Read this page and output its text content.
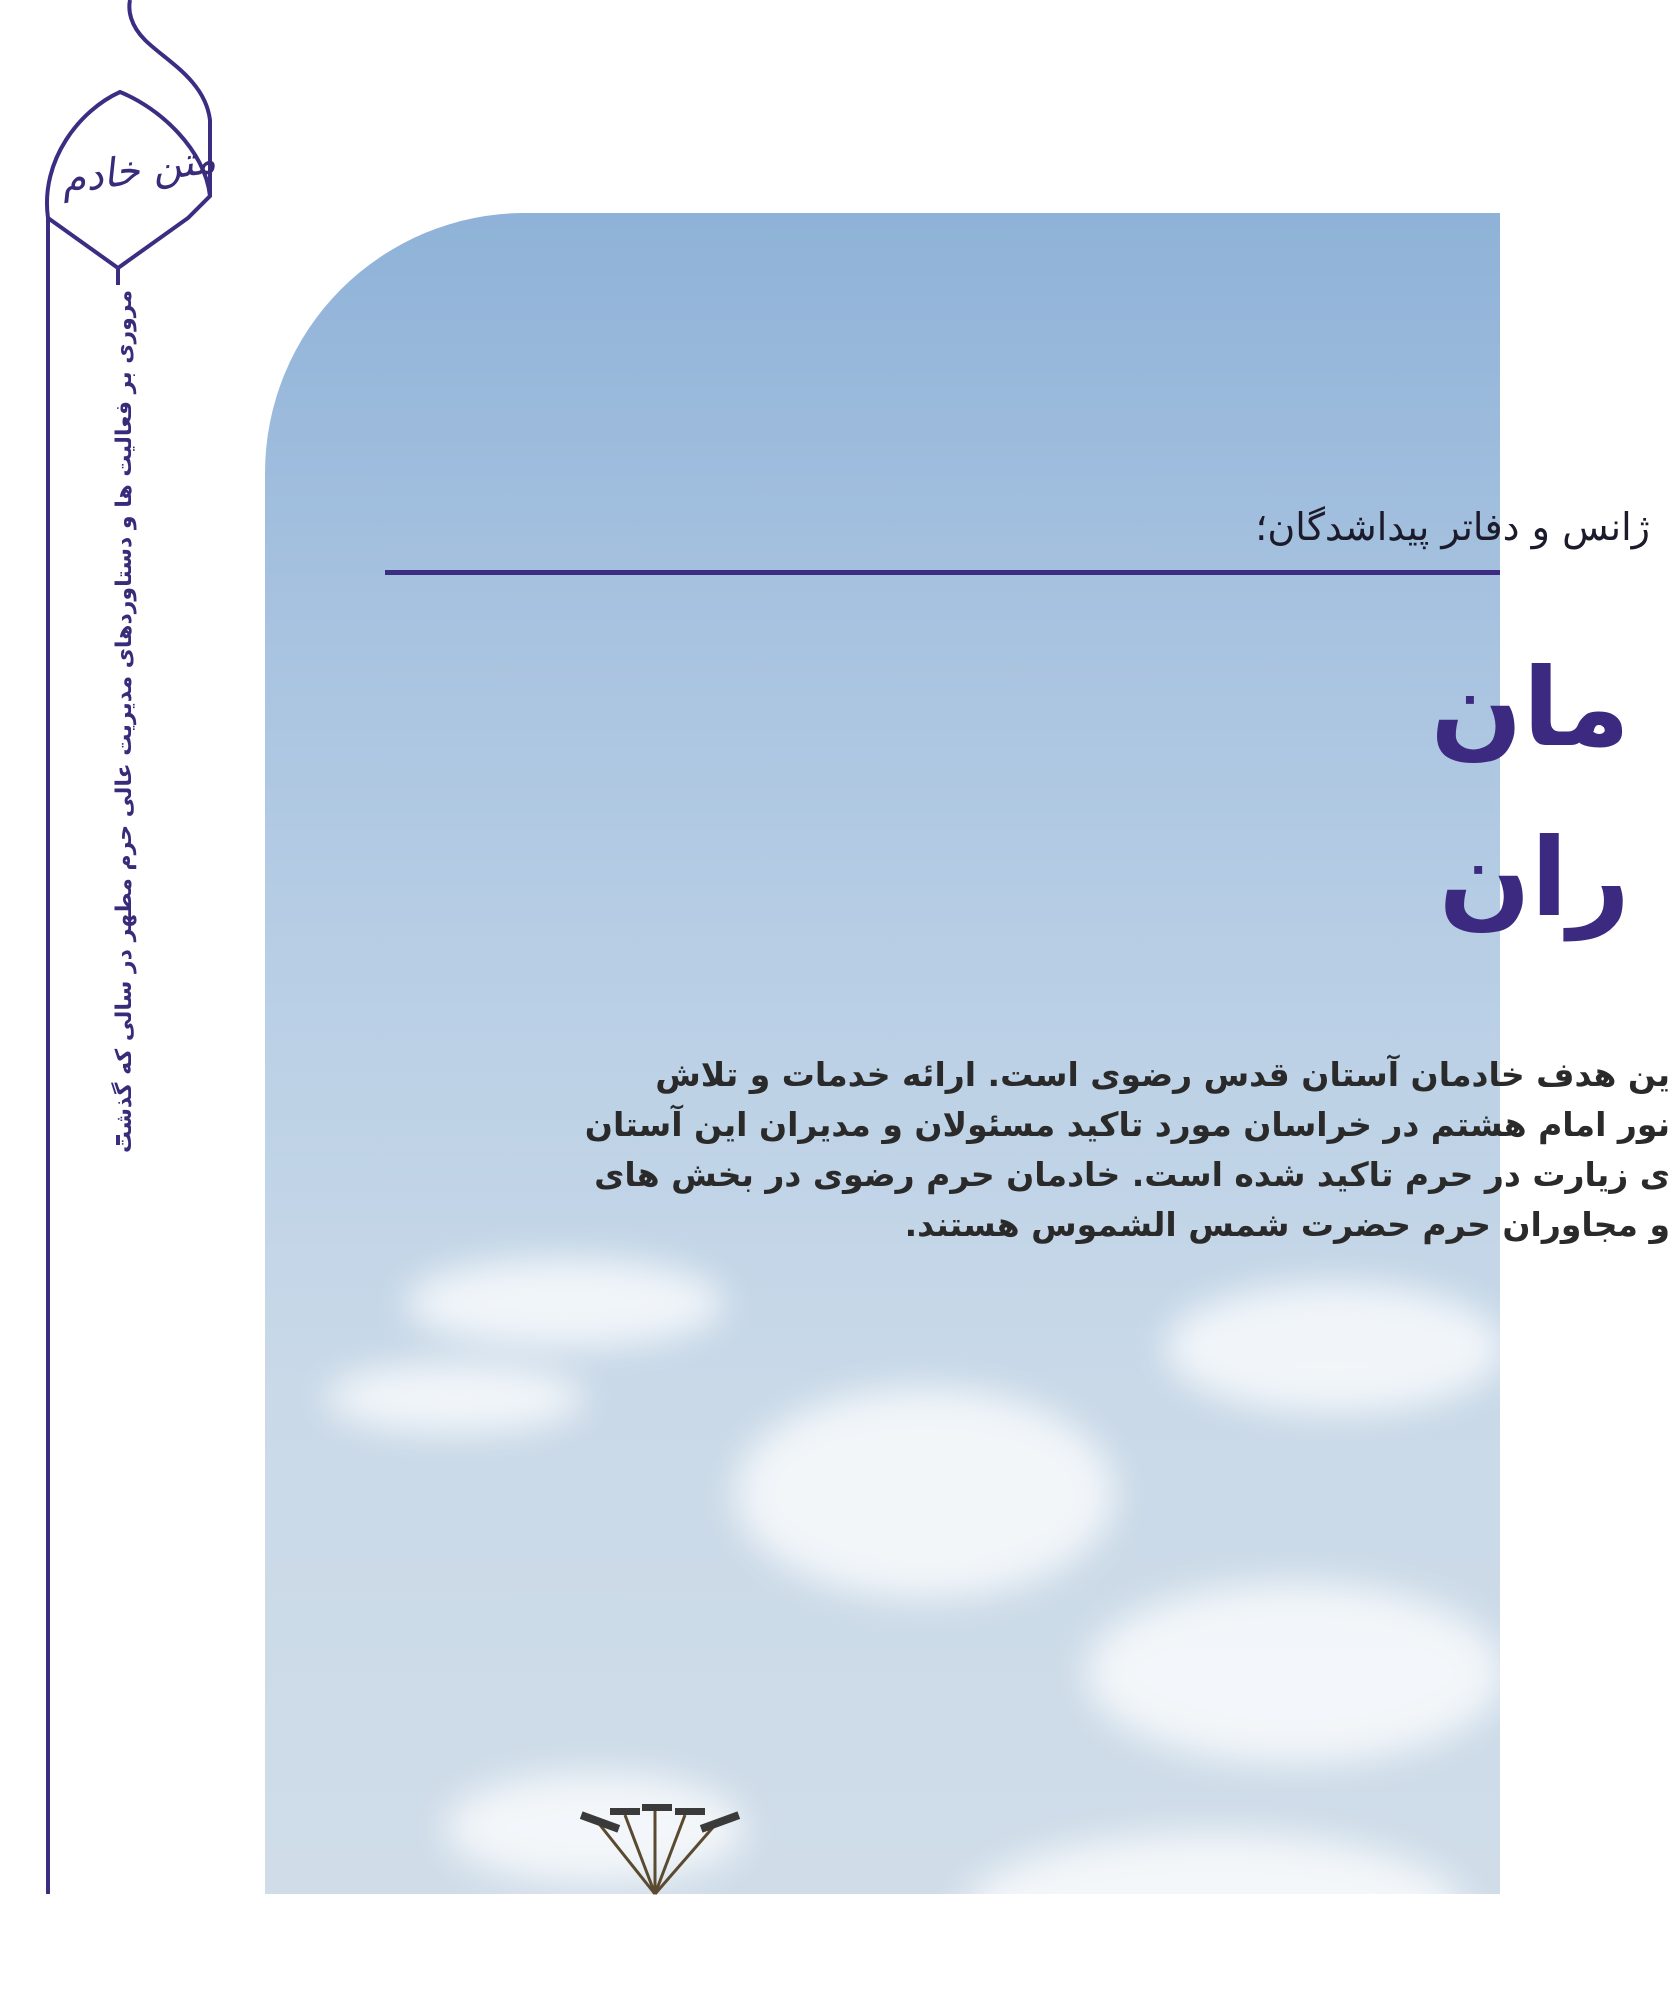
متن خادم
مروری بر فعالیت ها و دستاوردهای مدیریت عالی حرم مطهر در سالی که گذشت	ژانس و دفاتر پیداشدگان؛
مان
ران
ین هدف خادمان آستان قدس رضوی است. ارائه خدمات و تلاش
نور امام هشتم در خراسان مورد تاکید مسئولان و مدیران این آستان
ی زیارت در حرم تاکید شده است. خادمان حرم رضوی در بخش های
و مجاوران حرم حضرت شمس الشموس هستند.
